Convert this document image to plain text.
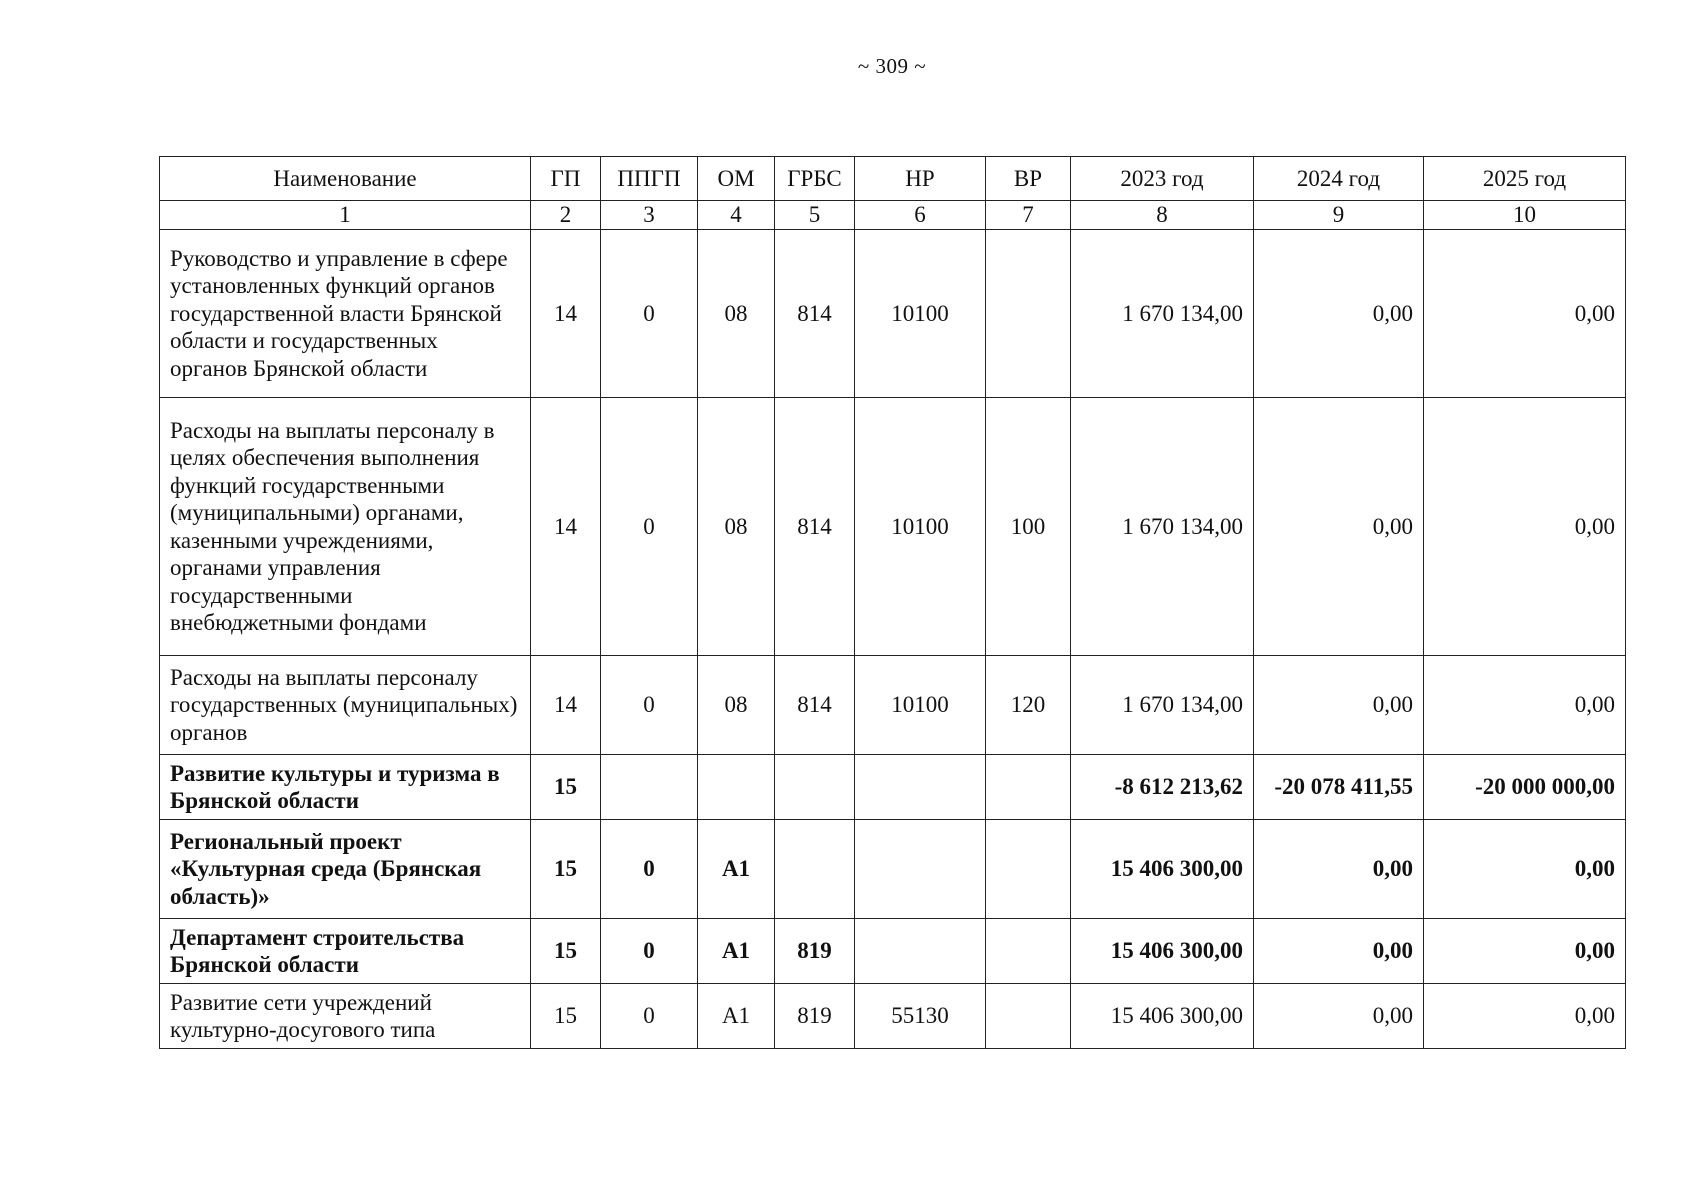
~ 309 ~
Наименование	ГП	ППГП	ОМ	ГРБС	НР	ВР	2023 год	2024 год	2025 год
1	2	3	4	5	6	7	8	9	10
Руководство и управление в сфере установленных функций органов государственной власти Брянской области и государственных органов Брянской области	14	0	08	814	10100		1 670 134,00	0,00	0,00
Расходы на выплаты персоналу в целях обеспечения выполнения функций государственными (муниципальными) органами, казенными учреждениями, органами управления государственными внебюджетными фондами	14	0	08	814	10100	100	1 670 134,00	0,00	0,00
Расходы на выплаты персоналу государственных (муниципальных) органов	14	0	08	814	10100	120	1 670 134,00	0,00	0,00
Развитие культуры и туризма в Брянской области	15						-8 612 213,62	-20 078 411,55	-20 000 000,00
Региональный проект «Культурная среда (Брянская область)»	15	0	А1				15 406 300,00	0,00	0,00
Департамент строительства Брянской области	15	0	А1	819			15 406 300,00	0,00	0,00
Развитие сети учреждений культурно-досугового типа	15	0	А1	819	55130		15 406 300,00	0,00	0,00
